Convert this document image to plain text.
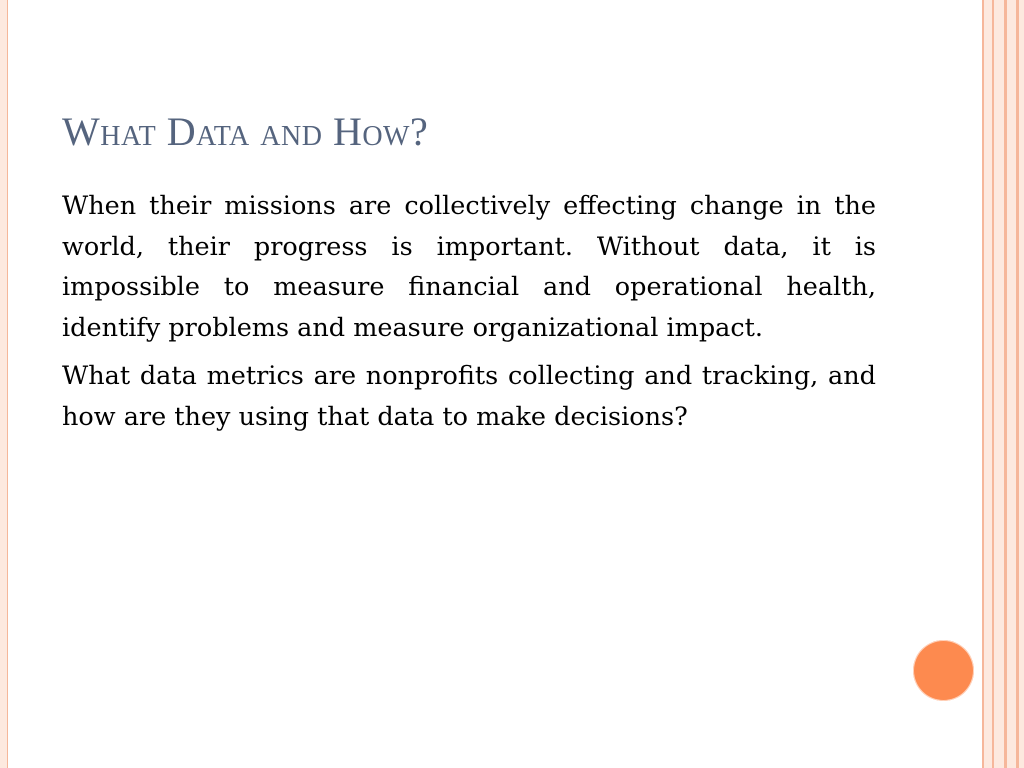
What Data and How?

When their missions are collectively effecting change in the world, their progress is important. Without data, it is impossible to measure financial and operational health, identify problems and measure organizational impact.

What data metrics are nonprofits collecting and tracking, and how are they using that data to make decisions?
